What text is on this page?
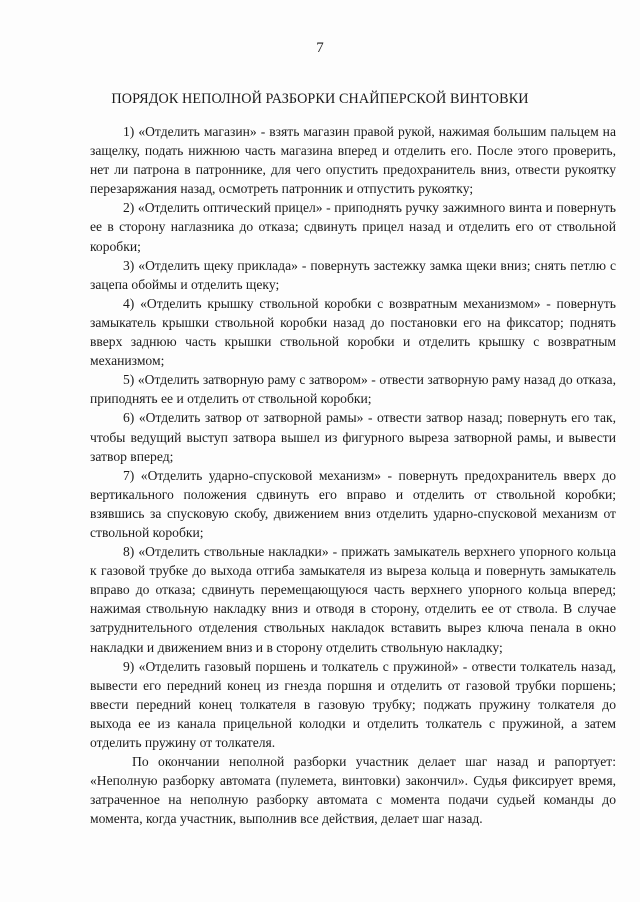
7
ПОРЯДОК НЕПОЛНОЙ РАЗБОРКИ СНАЙПЕРСКОЙ ВИНТОВКИ

1) «Отделить магазин» - взять магазин правой рукой, нажимая большим пальцем на защелку, подать нижнюю часть магазина вперед и отделить его. После этого проверить, нет ли патрона в патроннике, для чего опустить предохранитель вниз, отвести рукоятку перезаряжания назад, осмотреть патронник и отпустить рукоятку;

2) «Отделить оптический прицел» - приподнять ручку зажимного винта и повернуть ее в сторону наглазника до отказа; сдвинуть прицел назад и отделить его от ствольной коробки;

3) «Отделить щеку приклада» - повернуть застежку замка щеки вниз; снять петлю с зацепа обоймы и отделить щеку;

4) «Отделить крышку ствольной коробки с возвратным механизмом» - повернуть замыкатель крышки ствольной коробки назад до постановки его на фиксатор; поднять вверх заднюю часть крышки ствольной коробки и отделить крышку с возвратным механизмом;

5) «Отделить затворную раму с затвором» - отвести затворную раму назад до отказа, приподнять ее и отделить от ствольной коробки;

6) «Отделить затвор от затворной рамы» - отвести затвор назад; повернуть его так, чтобы ведущий выступ затвора вышел из фигурного выреза затворной рамы, и вывести затвор вперед;

7) «Отделить ударно-спусковой механизм» - повернуть предохранитель вверх до вертикального положения сдвинуть его вправо и отделить от ствольной коробки; взявшись за спусковую скобу, движением вниз отделить ударно-спусковой механизм от ствольной коробки;

8) «Отделить ствольные накладки» - прижать замыкатель верхнего упорного кольца к газовой трубке до выхода отгиба замыкателя из выреза кольца и повернуть замыкатель вправо до отказа; сдвинуть перемещающуюся часть верхнего упорного кольца вперед; нажимая ствольную накладку вниз и отводя в сторону, отделить ее от ствола. В случае затруднительного отделения ствольных накладок вставить вырез ключа пенала в окно накладки и движением вниз и в сторону отделить ствольную накладку;

9) «Отделить газовый поршень и толкатель с пружиной» - отвести толкатель назад, вывести его передний конец из гнезда поршня и отделить от газовой трубки поршень; ввести передний конец толкателя в газовую трубку; поджать пружину толкателя до выхода ее из канала прицельной колодки и отделить толкатель с пружиной, а затем отделить пружину от толкателя.

По окончании неполной разборки участник делает шаг назад и рапортует: «Неполную разборку автомата (пулемета, винтовки) закончил». Судья фиксирует время, затраченное на неполную разборку автомата с момента подачи судьей команды до момента, когда участник, выполнив все действия, делает шаг назад.
